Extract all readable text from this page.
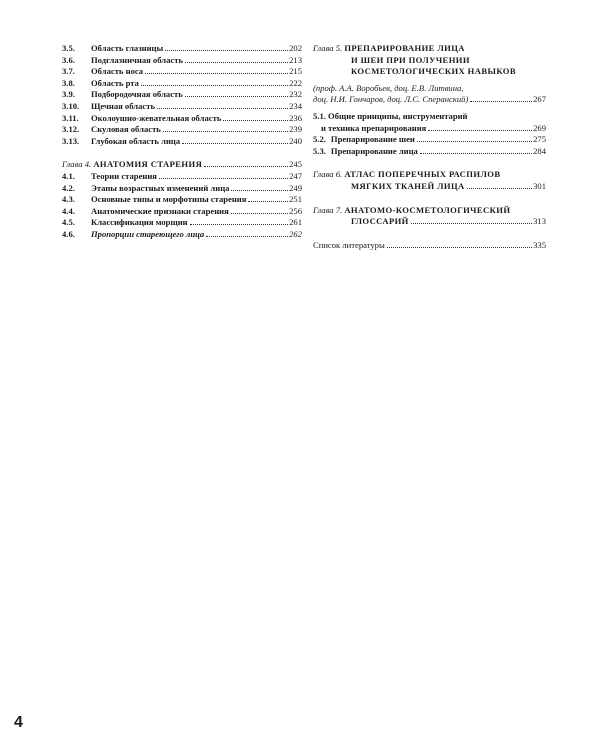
3.5.	Область глазницы	202
3.6.	Подглазничная область	213
3.7.	Область носа	215
3.8.	Область рта	222
3.9.	Подбородочная область	232
3.10.	Щечная область	234
3.11.	Околоушно-жевательная область	236
3.12.	Скуловая область	239
3.13.	Глубокая область лица	240
Глава 4. АНАТОМИЯ СТАРЕНИЯ	245
4.1.	Теории старения	247
4.2.	Этапы возрастных изменений лица	249
4.3.	Основные типы и морфотипы старения	251
4.4.	Анатомические признаки старения	256
4.5.	Классификация морщин	261
4.6.	Пропорции стареющего лица	262
Глава 5. ПРЕПАРИРОВАНИЕ ЛИЦА
И ШЕИ ПРИ ПОЛУЧЕНИИ
КОСМЕТОЛОГИЧЕСКИХ НАВЫКОВ
(проф. А.А. Воробьев, доц. Е.В. Литвина,
доц. Н.И. Гончаров, доц. Л.С. Сперанский)	267
5.1. Общие принципы, инструментарий
и техника препарирования	269
5.2. Препарирование шеи	275
5.3. Препарирование лица	284
Глава 6. АТЛАС ПОПЕРЕЧНЫХ РАСПИЛОВ
МЯГКИХ ТКАНЕЙ ЛИЦА	301
Глава 7. АНАТОМО-КОСМЕТОЛОГИЧЕСКИЙ
ГЛОССАРИЙ	313
Список литературы	335
4
